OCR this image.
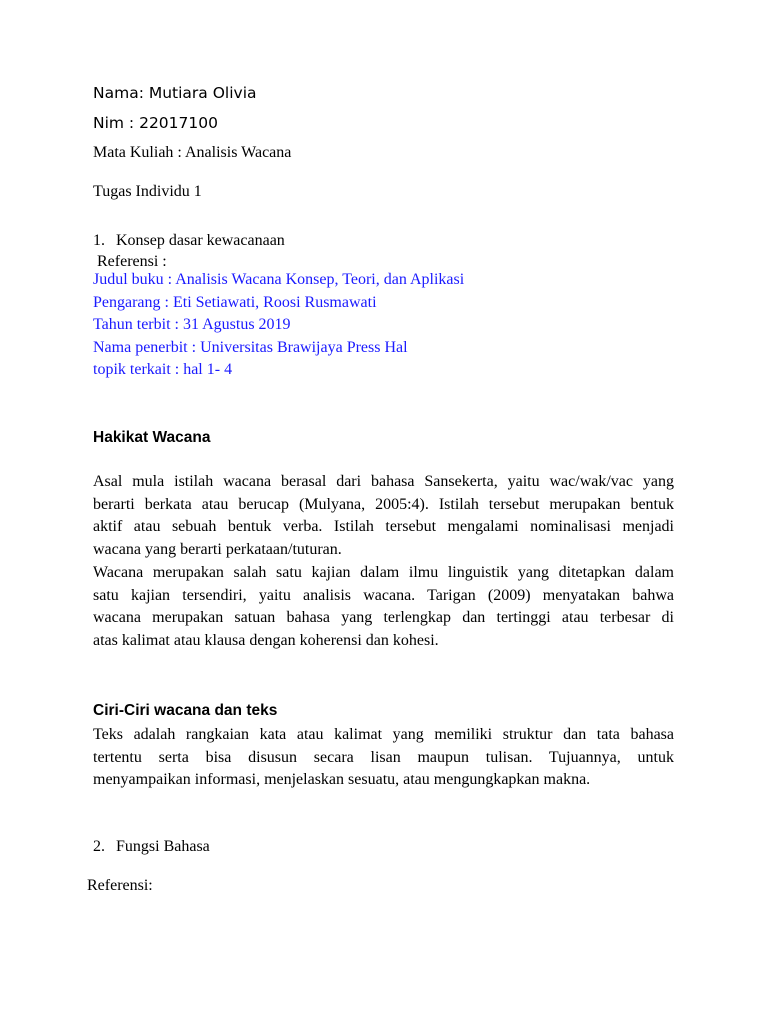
Nama: Mutiara Olivia
Nim : 22017100
Mata Kuliah : Analisis Wacana
Tugas Individu 1
1. Konsep dasar kewacanaan
Referensi :
Judul buku : Analisis Wacana Konsep, Teori, dan Aplikasi
Pengarang : Eti Setiawati, Roosi Rusmawati
Tahun terbit : 31 Agustus 2019
Nama penerbit : Universitas Brawijaya Press Hal
topik terkait : hal 1- 4
Hakikat Wacana
Asal mula istilah wacana berasal dari bahasa Sansekerta, yaitu wac/wak/vac yang
berarti berkata atau berucap (Mulyana, 2005:4). Istilah tersebut merupakan bentuk
aktif atau sebuah bentuk verba. Istilah tersebut mengalami nominalisasi menjadi
wacana yang berarti perkataan/tuturan.
Wacana merupakan salah satu kajian dalam ilmu linguistik yang ditetapkan dalam
satu kajian tersendiri, yaitu analisis wacana. Tarigan (2009) menyatakan bahwa
wacana merupakan satuan bahasa yang terlengkap dan tertinggi atau terbesar di
atas kalimat atau klausa dengan koherensi dan kohesi.
Ciri-Ciri wacana dan teks
Teks adalah rangkaian kata atau kalimat yang memiliki struktur dan tata bahasa
tertentu serta bisa disusun secara lisan maupun tulisan. Tujuannya, untuk
menyampaikan informasi, menjelaskan sesuatu, atau mengungkapkan makna.
2. Fungsi Bahasa
Referensi:
